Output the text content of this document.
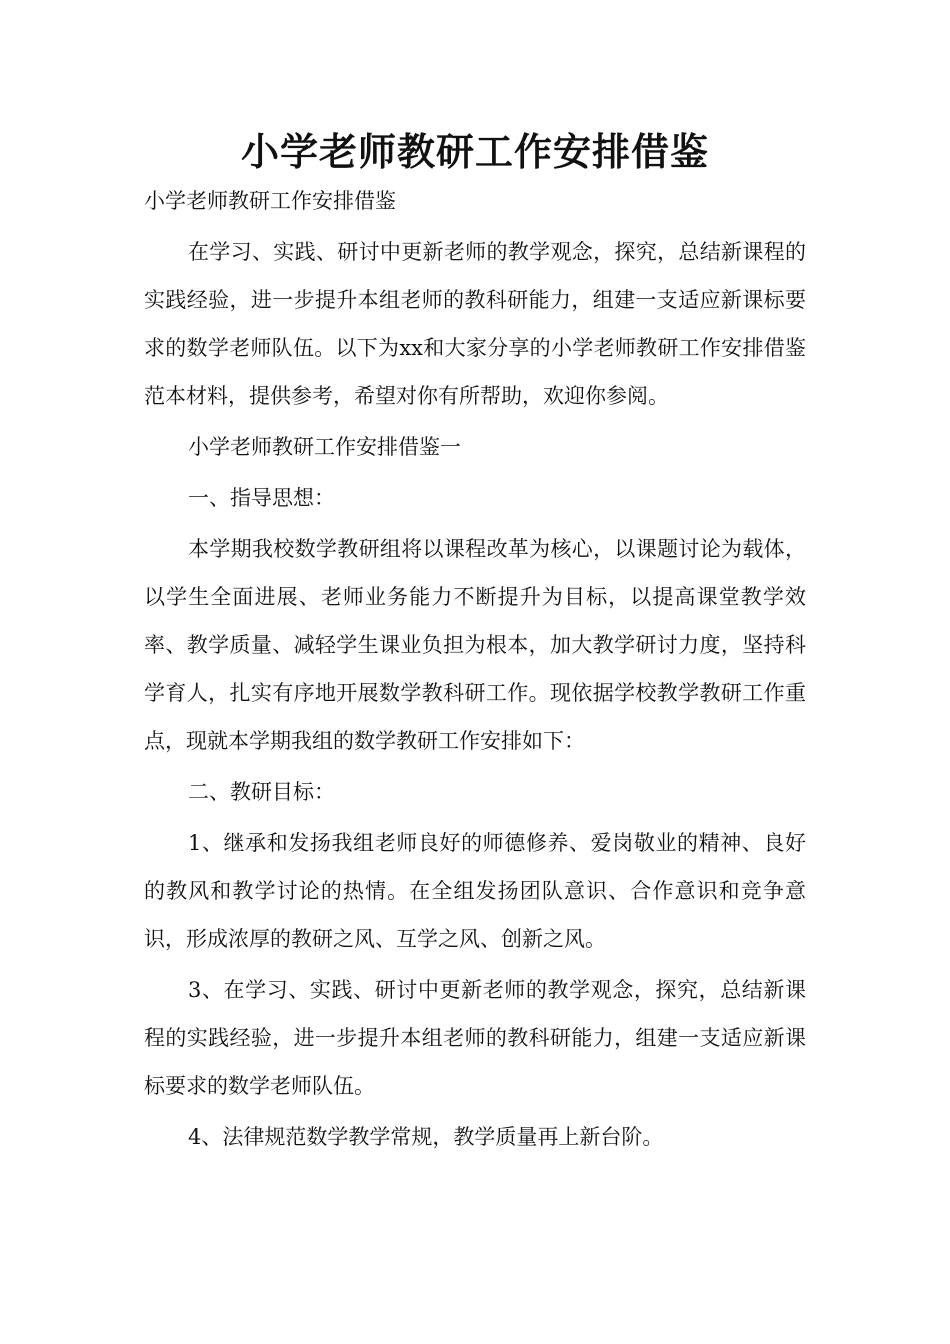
小学老师教研工作安排借鉴

小学老师教研工作安排借鉴

在学习、实践、研讨中更新老师的教学观念，探究，总结新课程的实践经验，进一步提升本组老师的教科研能力，组建一支适应新课标要求的数学老师队伍。以下为xx和大家分享的小学老师教研工作安排借鉴范本材料，提供参考，希望对你有所帮助，欢迎你参阅。

小学老师教研工作安排借鉴一

一、指导思想：

本学期我校数学教研组将以课程改革为核心，以课题讨论为载体，以学生全面进展、老师业务能力不断提升为目标，以提高课堂教学效率、教学质量、减轻学生课业负担为根本，加大教学研讨力度，坚持科学育人，扎实有序地开展数学教科研工作。现依据学校教学教研工作重点，现就本学期我组的数学教研工作安排如下：

二、教研目标：

1、继承和发扬我组老师良好的师德修养、爱岗敬业的精神、良好的教风和教学讨论的热情。在全组发扬团队意识、合作意识和竞争意识，形成浓厚的教研之风、互学之风、创新之风。

3、在学习、实践、研讨中更新老师的教学观念，探究，总结新课程的实践经验，进一步提升本组老师的教科研能力，组建一支适应新课标要求的数学老师队伍。

4、法律规范数学教学常规，教学质量再上新台阶。
